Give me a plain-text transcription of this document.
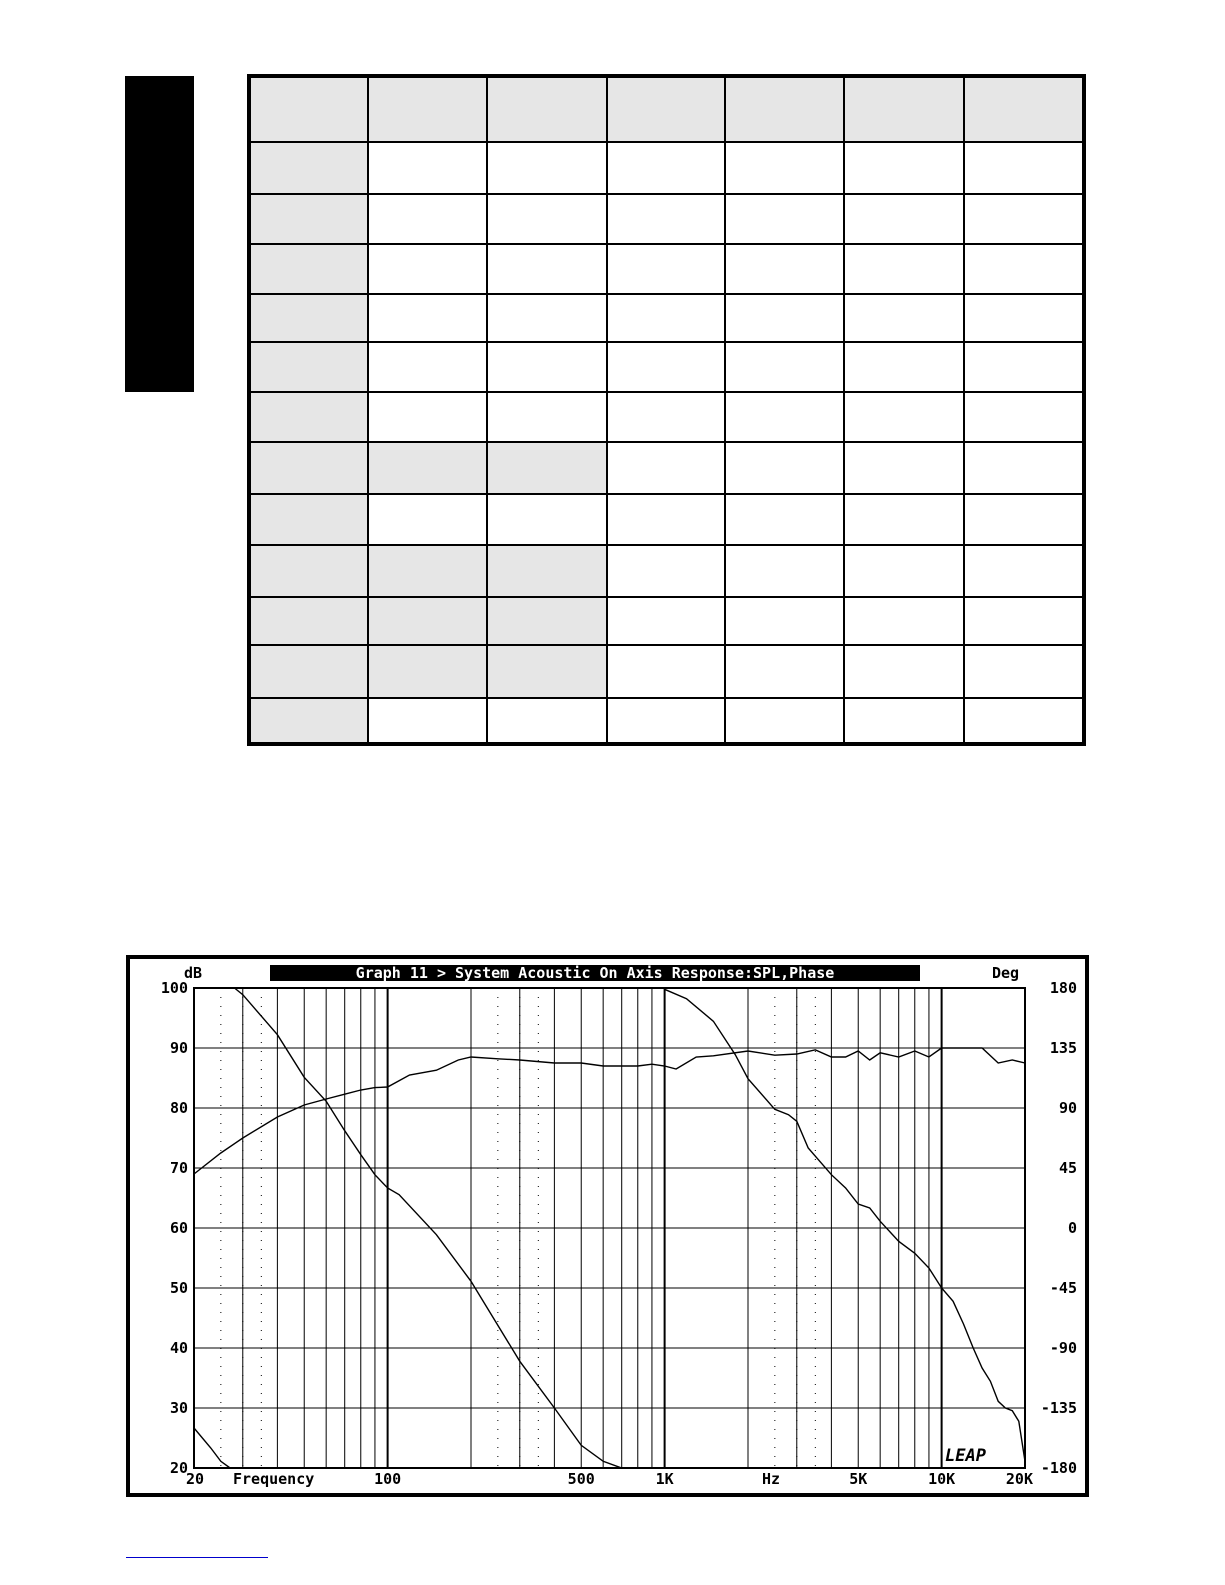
Graph 11 > System Acoustic On Axis Response:SPL,Phase
dB	Deg
Frequency	Hz
LEAP
20
30
40
50
60
70
80
90
100
-180
-135
-90
-45
0
45
90
135
180
20	100	500	1K	5K	10K	20K
